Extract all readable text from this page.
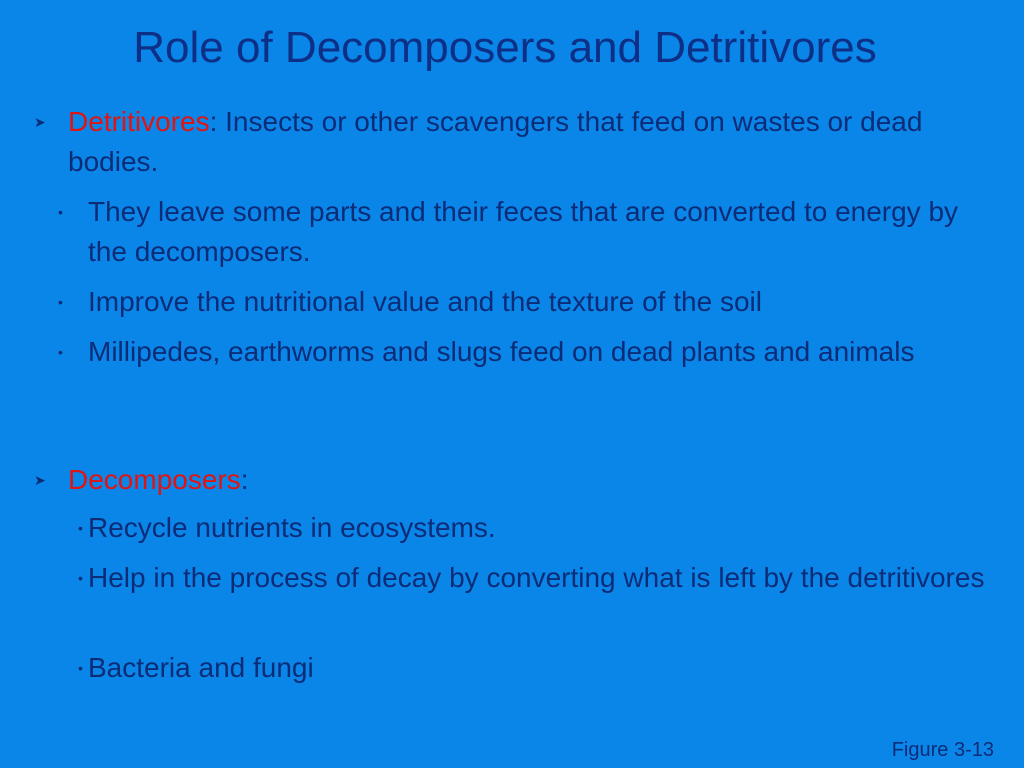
Role of Decomposers and Detritivores
➤ Detritivores: Insects or other scavengers that feed on wastes or dead bodies.
• They leave some parts and their feces that are converted to energy by the decomposers.
• Improve the nutritional value and the texture of the soil
• Millipedes, earthworms and slugs feed on dead plants and animals
➤ Decomposers:
• Recycle nutrients in ecosystems.
• Help in the process of decay by converting what is left by the detritivores
• Bacteria and fungi
Figure 3-13
